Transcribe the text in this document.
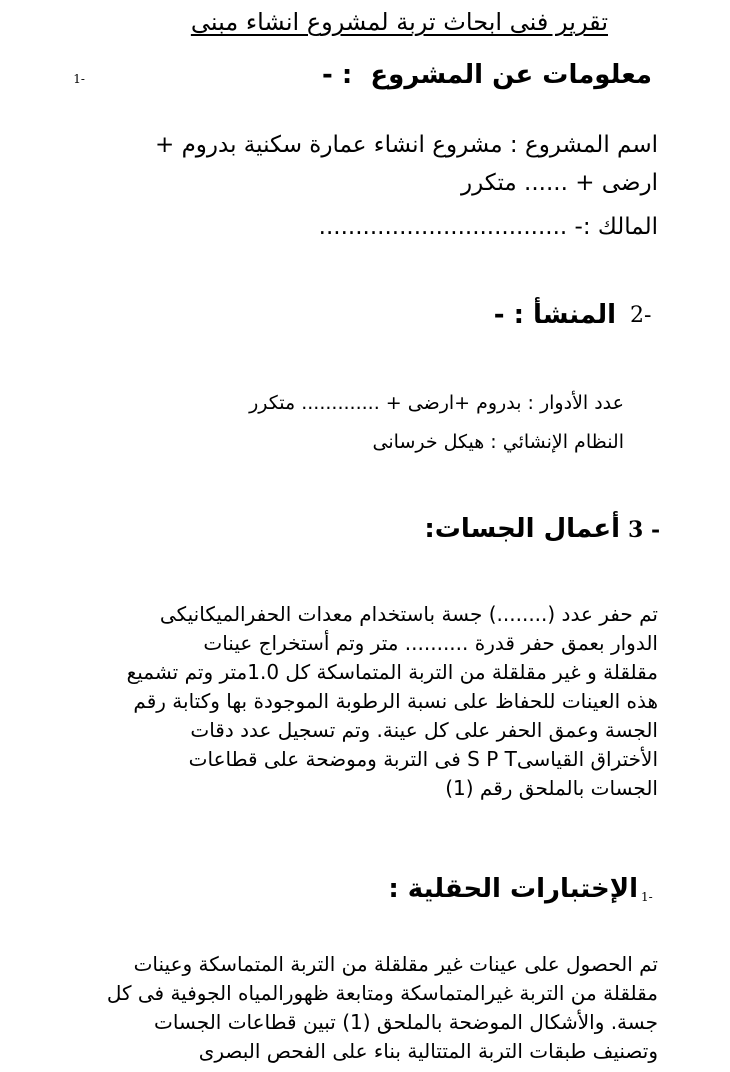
تقرير فنى ابحاث تربة لمشروع انشاء مبنى
معلومات عن المشروع  : -
1-
اسم المشروع : مشروع انشاء عمارة سكنية بدروم +
ارضى + ...... متكرر
المالك :- ..................................
المنشأ : - 2-
عدد الأدوار : بدروم +ارضى + ............. متكرر
النظام الإنشائي : هيكل خرسانى
أعمال الجسات: 3 -
تم حفر عدد (........) جسة باستخدام معدات الحفرالميكانيكى
الدوار بعمق حفر قدرة .......... متر وتم أستخراج عينات
مقلقلة و غير مقلقلة من التربة المتماسكة كل 1.0متر وتم تشميع
هذه العينات للحفاظ على نسبة الرطوبة الموجودة بها وكتابة رقم
الجسة وعمق الحفر على كل عينة. وتم تسجيل عدد دقات
الأختراق القياسىS P T فى التربة وموضحة على قطاعات
الجسات بالملحق رقم (1)
الإختبارات الحقلية : 1-
تم الحصول على عينات غير مقلقلة من التربة المتماسكة وعينات
مقلقلة من التربة غيرالمتماسكة ومتابعة ظهورالمياه الجوفية فى كل
جسة. والأشكال الموضحة بالملحق (1) تبين قطاعات الجسات
وتصنيف طبقات التربة المتتالية بناء على الفحص البصرى
